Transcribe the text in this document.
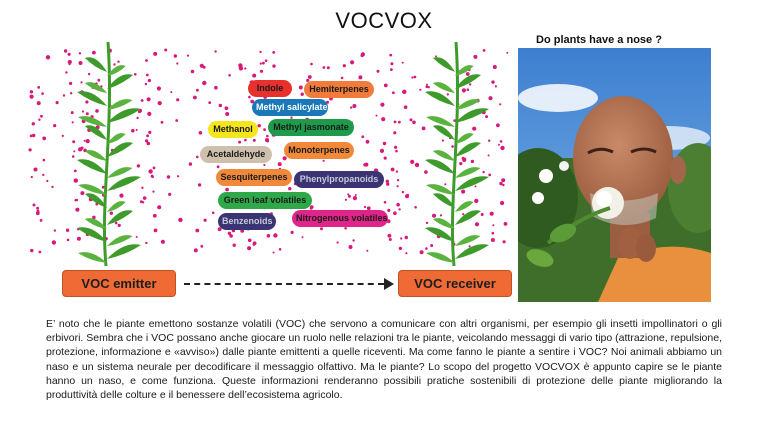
VOCVOX
Indole	Hemiterpenes
Methyl salicylate
Methanol	Methyl jasmonate
Acetaldehyde	Monoterpenes
Sesquiterpenes	Phenylpropanoids
Green leaf volatiles
Benzenoids	Nitrogenous volatiles
VOC emitter	VOC receiver
Do plants have a nose ?
E’ noto che le piante emettono sostanze volatili (VOC) che servono a comunicare con altri organismi, per esempio gli insetti impollinatori o gli erbivori. Sembra che i VOC possano anche giocare un ruolo nelle relazioni tra le piante, veicolando messaggi di vario tipo (attrazione, repulsione, protezione, informazione e «avviso») dalle piante emittenti a quelle riceventi. Ma come fanno le piante a sentire i VOC? Noi animali abbiamo un naso e un sistema neurale per decodificare il messaggio olfattivo. Ma le piante? Lo scopo del progetto VOCVOX è appunto capire se le piante hanno un naso, e come funziona. Queste informazioni renderanno possibili pratiche sostenibili di protezione delle piante migliorando la produttività delle colture e il benessere dell’ecosistema agricolo.
